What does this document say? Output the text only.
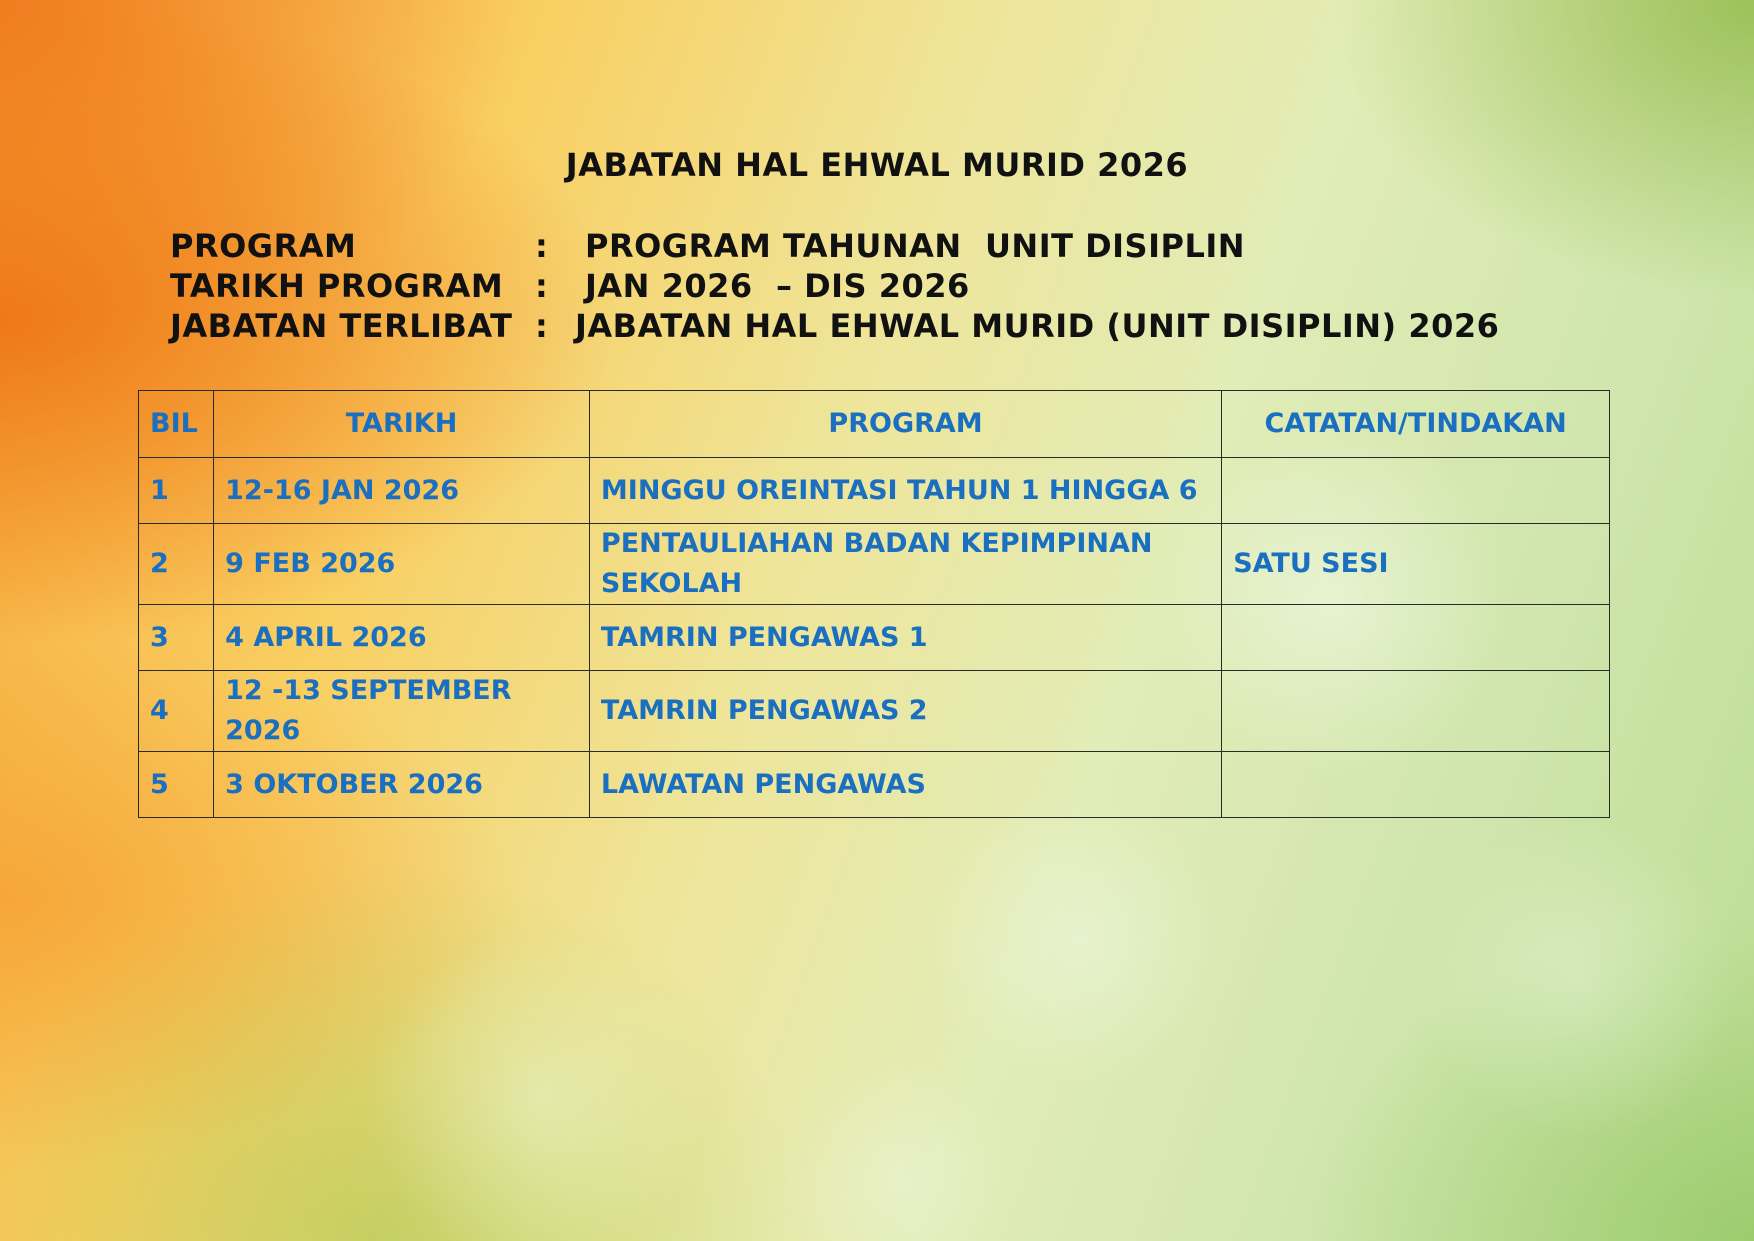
JABATAN HAL EHWAL MURID 2026
PROGRAM	:	PROGRAM TAHUNAN  UNIT DISIPLIN
TARIKH PROGRAM :	JAN 2026  – DIS 2026
JABATAN TERLIBAT : JABATAN HAL EHWAL MURID (UNIT DISIPLIN) 2026
BIL	TARIKH	PROGRAM	CATATAN/TINDAKAN
1	12-16 JAN 2026	MINGGU OREINTASI TAHUN 1 HINGGA 6	
2	9 FEB 2026	PENTAULIAHAN BADAN KEPIMPINAN SEKOLAH	SATU SESI
3	4 APRIL 2026	TAMRIN PENGAWAS 1	
4	12 -13 SEPTEMBER 2026	TAMRIN PENGAWAS 2	
5	3 OKTOBER 2026	LAWATAN PENGAWAS	
